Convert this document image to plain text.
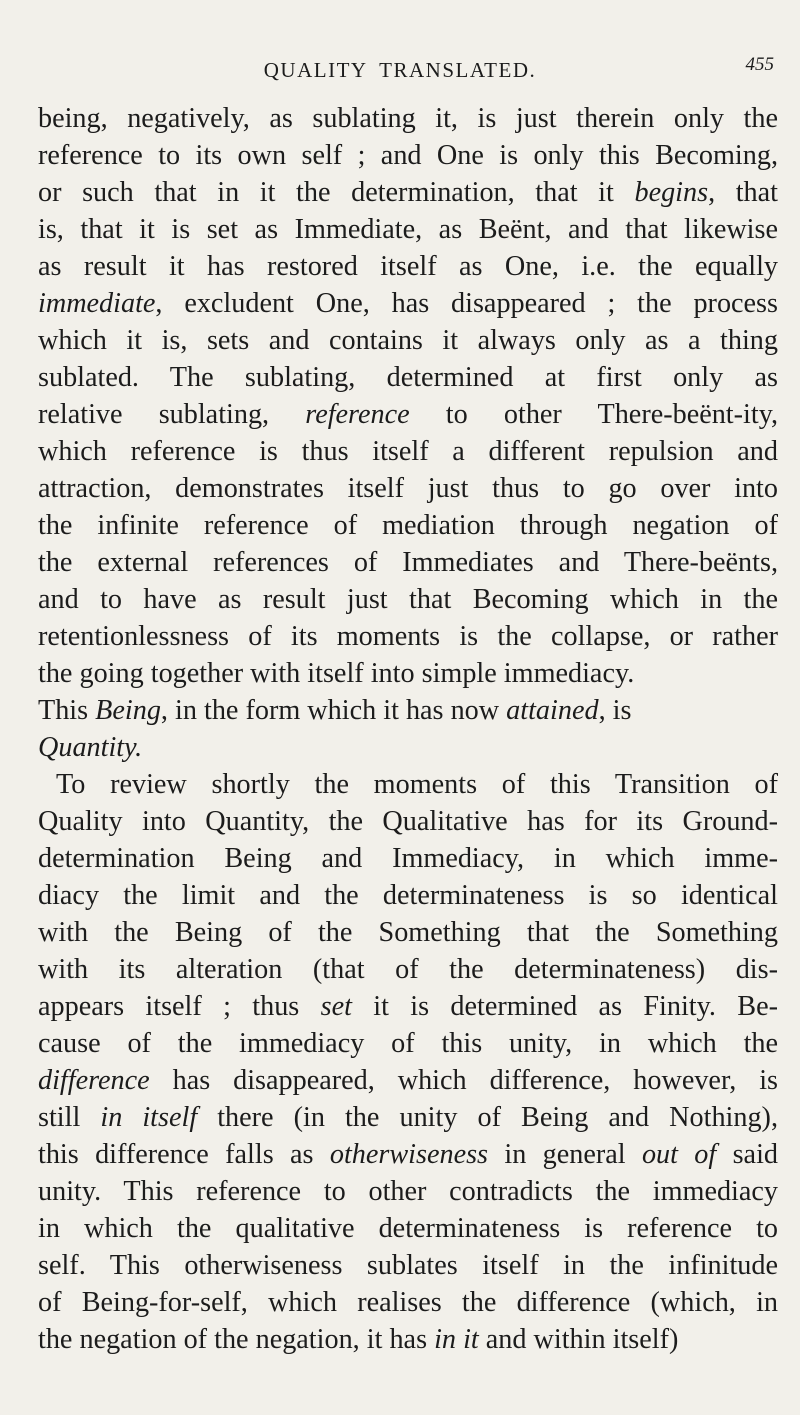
QUALITY TRANSLATED.	455
being, negatively, as sublating it, is just therein only the
reference to its own self ; and One is only this Becoming,
or such that in it the determination, that it begins, that
is, that it is set as Immediate, as Beënt, and that likewise
as result it has restored itself as One, i.e. the equally
immediate, excludent One, has disappeared ; the process
which it is, sets and contains it always only as a thing
sublated. The sublating, determined at first only as
relative sublating, reference to other There-beënt-ity,
which reference is thus itself a different repulsion and
attraction, demonstrates itself just thus to go over into
the infinite reference of mediation through negation of
the external references of Immediates and There-beënts,
and to have as result just that Becoming which in the
retentionlessness of its moments is the collapse, or rather
the going together with itself into simple immediacy.
This Being, in the form which it has now attained, is
Quantity.
To review shortly the moments of this Transition of
Quality into Quantity, the Qualitative has for its Ground-
determination Being and Immediacy, in which imme-
diacy the limit and the determinateness is so identical
with the Being of the Something that the Something
with its alteration (that of the determinateness) dis-
appears itself ; thus set it is determined as Finity. Be-
cause of the immediacy of this unity, in which the
difference has disappeared, which difference, however, is
still in itself there (in the unity of Being and Nothing),
this difference falls as otherwiseness in general out of said
unity. This reference to other contradicts the immediacy
in which the qualitative determinateness is reference to
self. This otherwiseness sublates itself in the infinitude
of Being-for-self, which realises the difference (which, in
the negation of the negation, it has in it and within itself)
